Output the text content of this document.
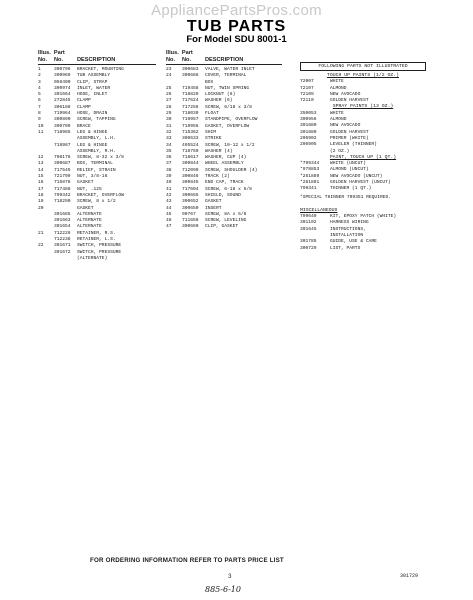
AppliancePartsPros.com
TUB PARTS
For Model SDU 8001-1
Illus. Part
No.	No.	DESCRIPTION
1	300796	BRACKET, MOUNTING
2	300969	TUB ASSEMBLY
3	056400	CLIP, STRAP
4	300974	INLET, WATER
5	301664	HOSE, INLET
6	272845	CLAMP
7	306188	CLAMP
8	719964	HOSE, DRAIN
9	300890	SCREW, TAPPING
10	300709	BRACE
11	718985	LEG & HINGE
ASSEMBLY, L.H.
718987	LEG & HINGE
ASSEMBLY, R.H.
12	708176	SCREW, 8-32 x 3/8
13	300687	BOX, TERMINAL
14	717545	RELIEF, STRAIN
15	721799	NUT, 3/8-16
16	715878	GASKET
17	717488	NUT, .125
18	799342	BRACKET, OVERFLOW
19	718290	SCREW, 8 x 1/2
20	GASKET
301685	ALTERNATE
301663	ALTERNATE
301654	ALTERNATE
21	712226	RETAINER, R.S.
712238	RETAINER, L.S.
22	301671	SWITCH, PRESSURE
301672	SWITCH, PRESSURE
(ALTERNATE)
Illus. Part
No.	No.	DESCRIPTION
23	300683	VALVE, WATER INLET
24	300686	COVER, TERMINAL
BOX
25	719458	NUT, TWIN SPRING
26	718829	LOCKNUT (6)
27	717624	WASHER (6)
28	717256	SCREW, 6/18 x 3/8
29	718039	FLOAT
30	719957	STANDPIPE, OVERFLOW
31	719956	GASKET, OVERFLOW
32	715362	SHIM
33	300633	STRIKE
34	495524	SCREW, 10-12 x 1/2
35	718750	WASHER (4)
36	718617	WASHER, CUP (4)
37	300844	WHEEL ASSEMBLY
38	712099	SCREW, SHOULDER (4)
39	300846	TRACK (2)
40	300845	END CAP, TRACK
41	717604	SCREW, 6-18 x 5/8
42	300665	SHIELD, SOUND
43	300652	GASKET
44	300650	INSERT
45	90767	SCREW, 8A x 5/8
46	711658	SCREW, LEVELING
47	300660	CLIP, GASKET
FOLLOWING PARTS NOT ILLUSTRATED
TOUCH UP PAINTS (1/2 OZ.)
72007	WHITE
72107	ALMOND
72109	NEW AVOCADO
72110	GOLDEN HARVEST
SPRAY PAINTS (13 OZ.)
350053	WHITE
300956	ALMOND
301880	NEW AVOCADO
301880	GOLDEN HARVEST
206902	PRIMER (WHITE)
206905	LEVELER (THINNER)
(2 OZ.)
PAINT, TOUCH UP (1 QT.)
*799344	WHITE (UNCUT)
*978853	ALMOND (UNCUT)
*261889	NEW AVOCADO (UNCUT)
*261891	GOLDEN HARVEST (UNCUT)
799341	THINNER (1 QT.)
*SPECIAL THINNER 799351 REQUIRED.
MISCELLANEOUS
799640	KIT, EPOXY PATCH (WHITE)
301102	HARNESS WIRING
301645	INSTRUCTIONS,
INSTALLATION
301785	GUIDE, USE & CARE
300729	LIST, PARTS
FOR ORDERING INFORMATION REFER TO PARTS PRICE LIST
3	301729
885-6-10
